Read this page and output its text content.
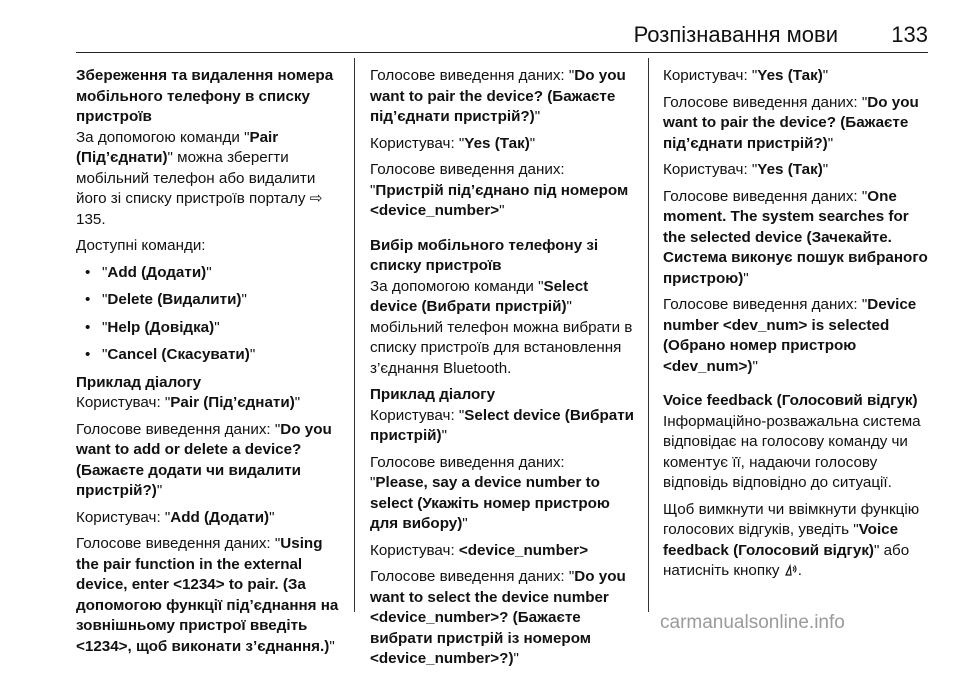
Розпізнавання мови 133

Збереження та видалення номера мобільного телефону в списку пристроїв

За допомогою команди "Pair (Під’єднати)" можна зберегти мобільний телефон або видалити його зі списку пристроїв порталу ⇨135.

Доступні команди:

• "Add (Додати)"
• "Delete (Видалити)"
• "Help (Довідка)"
• "Cancel (Скасувати)"

Приклад діалогу

Користувач: "Pair (Під’єднати)"

Голосове виведення даних: "Do you want to add or delete a device? (Бажаєте додати чи видалити пристрій?)"

Користувач: "Add (Додати)"

Голосове виведення даних: "Using the pair function in the external device, enter <1234> to pair. (За допомогою функції під’єднання на зовнішньому пристрої введіть <1234>, щоб виконати з’єднання.)"

Голосове виведення даних: "Do you want to pair the device? (Бажаєте під’єднати пристрій?)"

Користувач: "Yes (Так)"

Голосове виведення даних:
"Пристрій під’єднано під номером <device_number>"

Вибір мобільного телефону зі списку пристроїв

За допомогою команди "Select device (Вибрати пристрій)" мобільний телефон можна вибрати в списку пристроїв для встановлення з’єднання Bluetooth.

Приклад діалогу

Користувач: "Select device (Вибрати пристрій)"

Голосове виведення даних:
"Please, say a device number to select (Укажіть номер пристрою для вибору)"

Користувач: <device_number>

Голосове виведення даних: "Do you want to select the device number <device_number>? (Бажаєте вибрати пристрій із номером <device_number>?)"

Користувач: "Yes (Так)"

Голосове виведення даних: "Do you want to pair the device? (Бажаєте під’єднати пристрій?)"

Користувач: "Yes (Так)"

Голосове виведення даних: "One moment. The system searches for the selected device (Зачекайте. Система виконує пошук вибраного пристрою)"

Голосове виведення даних: "Device number <dev_num> is selected (Обрано номер пристрою <dev_num>)"

Voice feedback (Голосовий відгук)

Інформаційно-розважальна система відповідає на голосову команду чи коментує її, надаючи голосову відповідь відповідно до ситуації.

Щоб вимкнути чи ввімкнути функцію голосових відгуків, уведіть "Voice feedback (Голосовий відгук)" або натисніть кнопку .

carmanualsonline.info
